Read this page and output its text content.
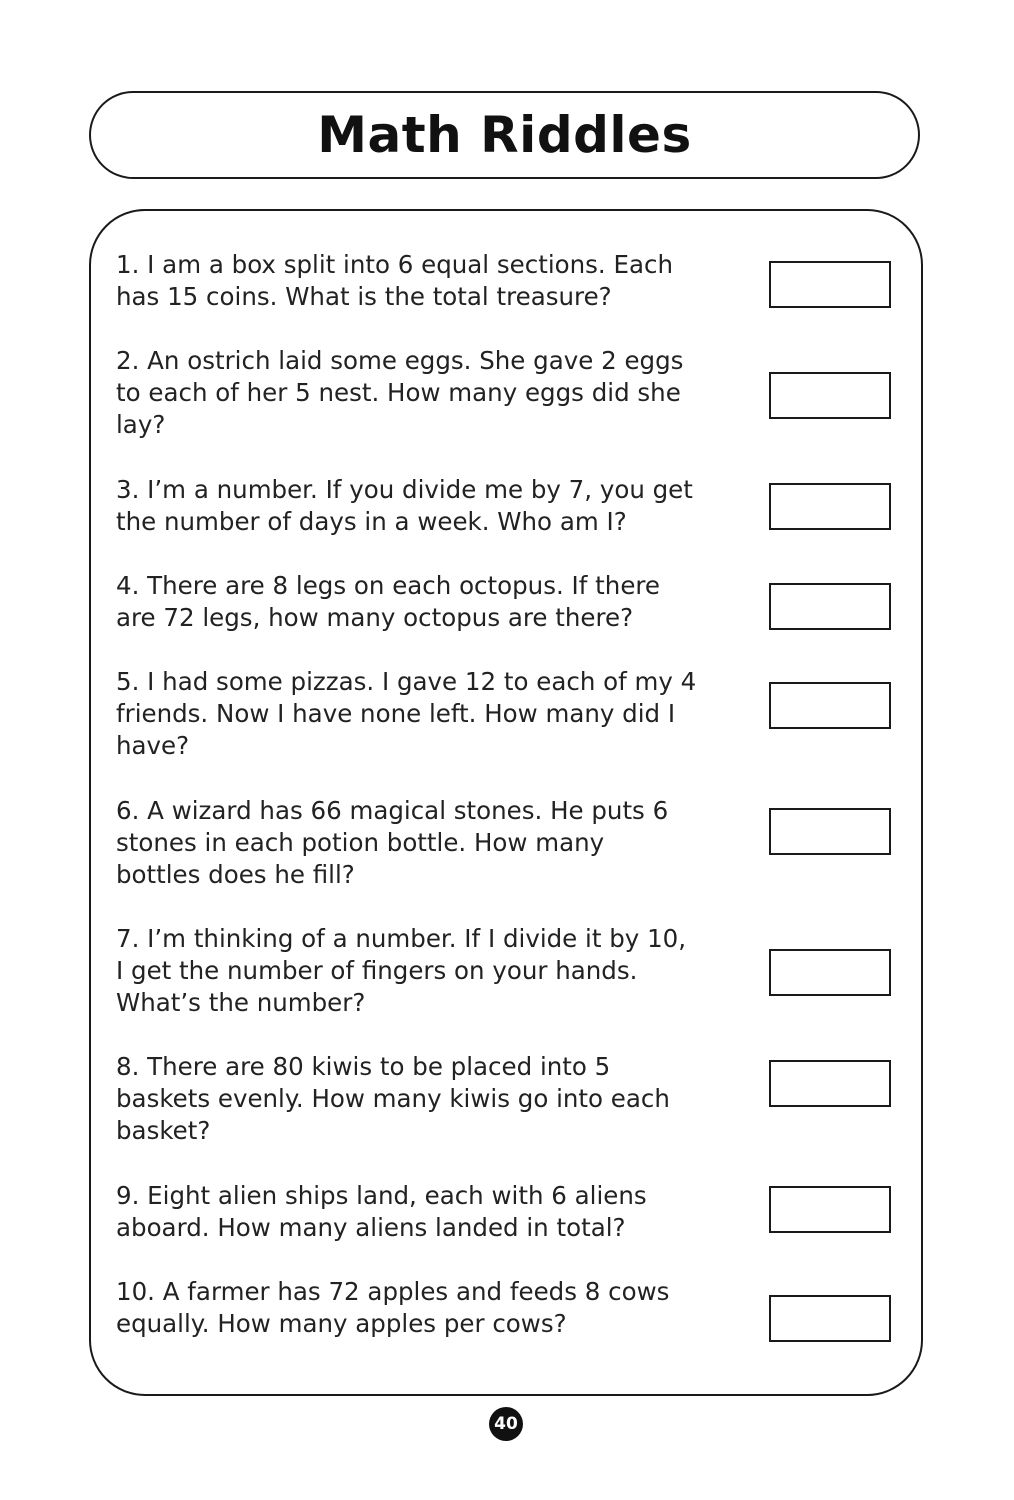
Math Riddles

1. I am a box split into 6 equal sections. Each
has 15 coins. What is the total treasure?

2. An ostrich laid some eggs. She gave 2 eggs
to each of her 5 nest. How many eggs did she
lay?

3. I’m a number. If you divide me by 7, you get
the number of days in a week. Who am I?

4. There are 8 legs on each octopus. If there
are 72 legs, how many octopus are there?

5. I had some pizzas. I gave 12 to each of my 4
friends. Now I have none left. How many did I
have?

6. A wizard has 66 magical stones. He puts 6
stones in each potion bottle. How many
bottles does he fill?

7. I’m thinking of a number. If I divide it by 10,
I get the number of fingers on your hands.
What’s the number?

8. There are 80 kiwis to be placed into 5
baskets evenly. How many kiwis go into each
basket?

9. Eight alien ships land, each with 6 aliens
aboard. How many aliens landed in total?

10. A farmer has 72 apples and feeds 8 cows
equally. How many apples per cows?

40
